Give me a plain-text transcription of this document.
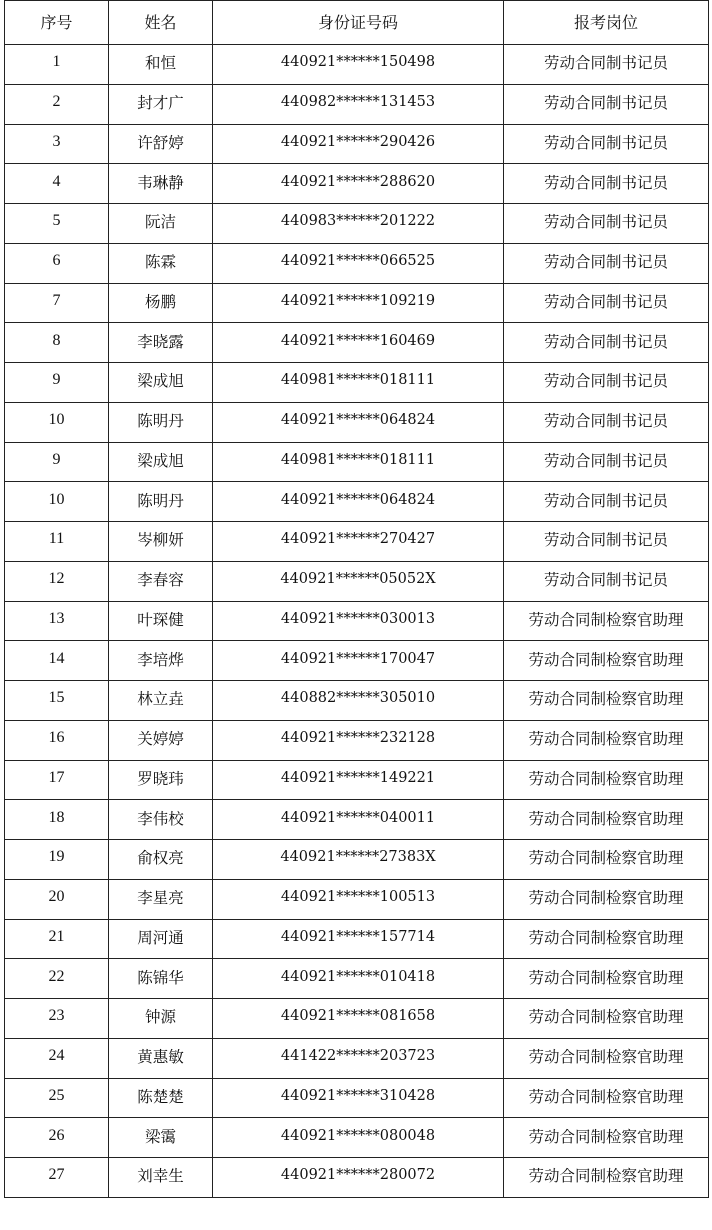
序号	姓名	身份证号码	报考岗位
1	和恒	440921******150498	劳动合同制书记员
2	封才广	440982******131453	劳动合同制书记员
3	许舒婷	440921******290426	劳动合同制书记员
4	韦琳静	440921******288620	劳动合同制书记员
5	阮洁	440983******201222	劳动合同制书记员
6	陈霖	440921******066525	劳动合同制书记员
7	杨鹏	440921******109219	劳动合同制书记员
8	李晓露	440921******160469	劳动合同制书记员
9	梁成旭	440981******018111	劳动合同制书记员
10	陈明丹	440921******064824	劳动合同制书记员
9	梁成旭	440981******018111	劳动合同制书记员
10	陈明丹	440921******064824	劳动合同制书记员
11	岑柳妍	440921******270427	劳动合同制书记员
12	李春容	440921******05052X	劳动合同制书记员
13	叶琛健	440921******030013	劳动合同制检察官助理
14	李培烨	440921******170047	劳动合同制检察官助理
15	林立垚	440882******305010	劳动合同制检察官助理
16	关婷婷	440921******232128	劳动合同制检察官助理
17	罗晓玮	440921******149221	劳动合同制检察官助理
18	李伟校	440921******040011	劳动合同制检察官助理
19	俞权亮	440921******27383X	劳动合同制检察官助理
20	李星亮	440921******100513	劳动合同制检察官助理
21	周河通	440921******157714	劳动合同制检察官助理
22	陈锦华	440921******010418	劳动合同制检察官助理
23	钟源	440921******081658	劳动合同制检察官助理
24	黄惠敏	441422******203723	劳动合同制检察官助理
25	陈楚楚	440921******310428	劳动合同制检察官助理
26	梁霭	440921******080048	劳动合同制检察官助理
27	刘幸生	440921******280072	劳动合同制检察官助理
